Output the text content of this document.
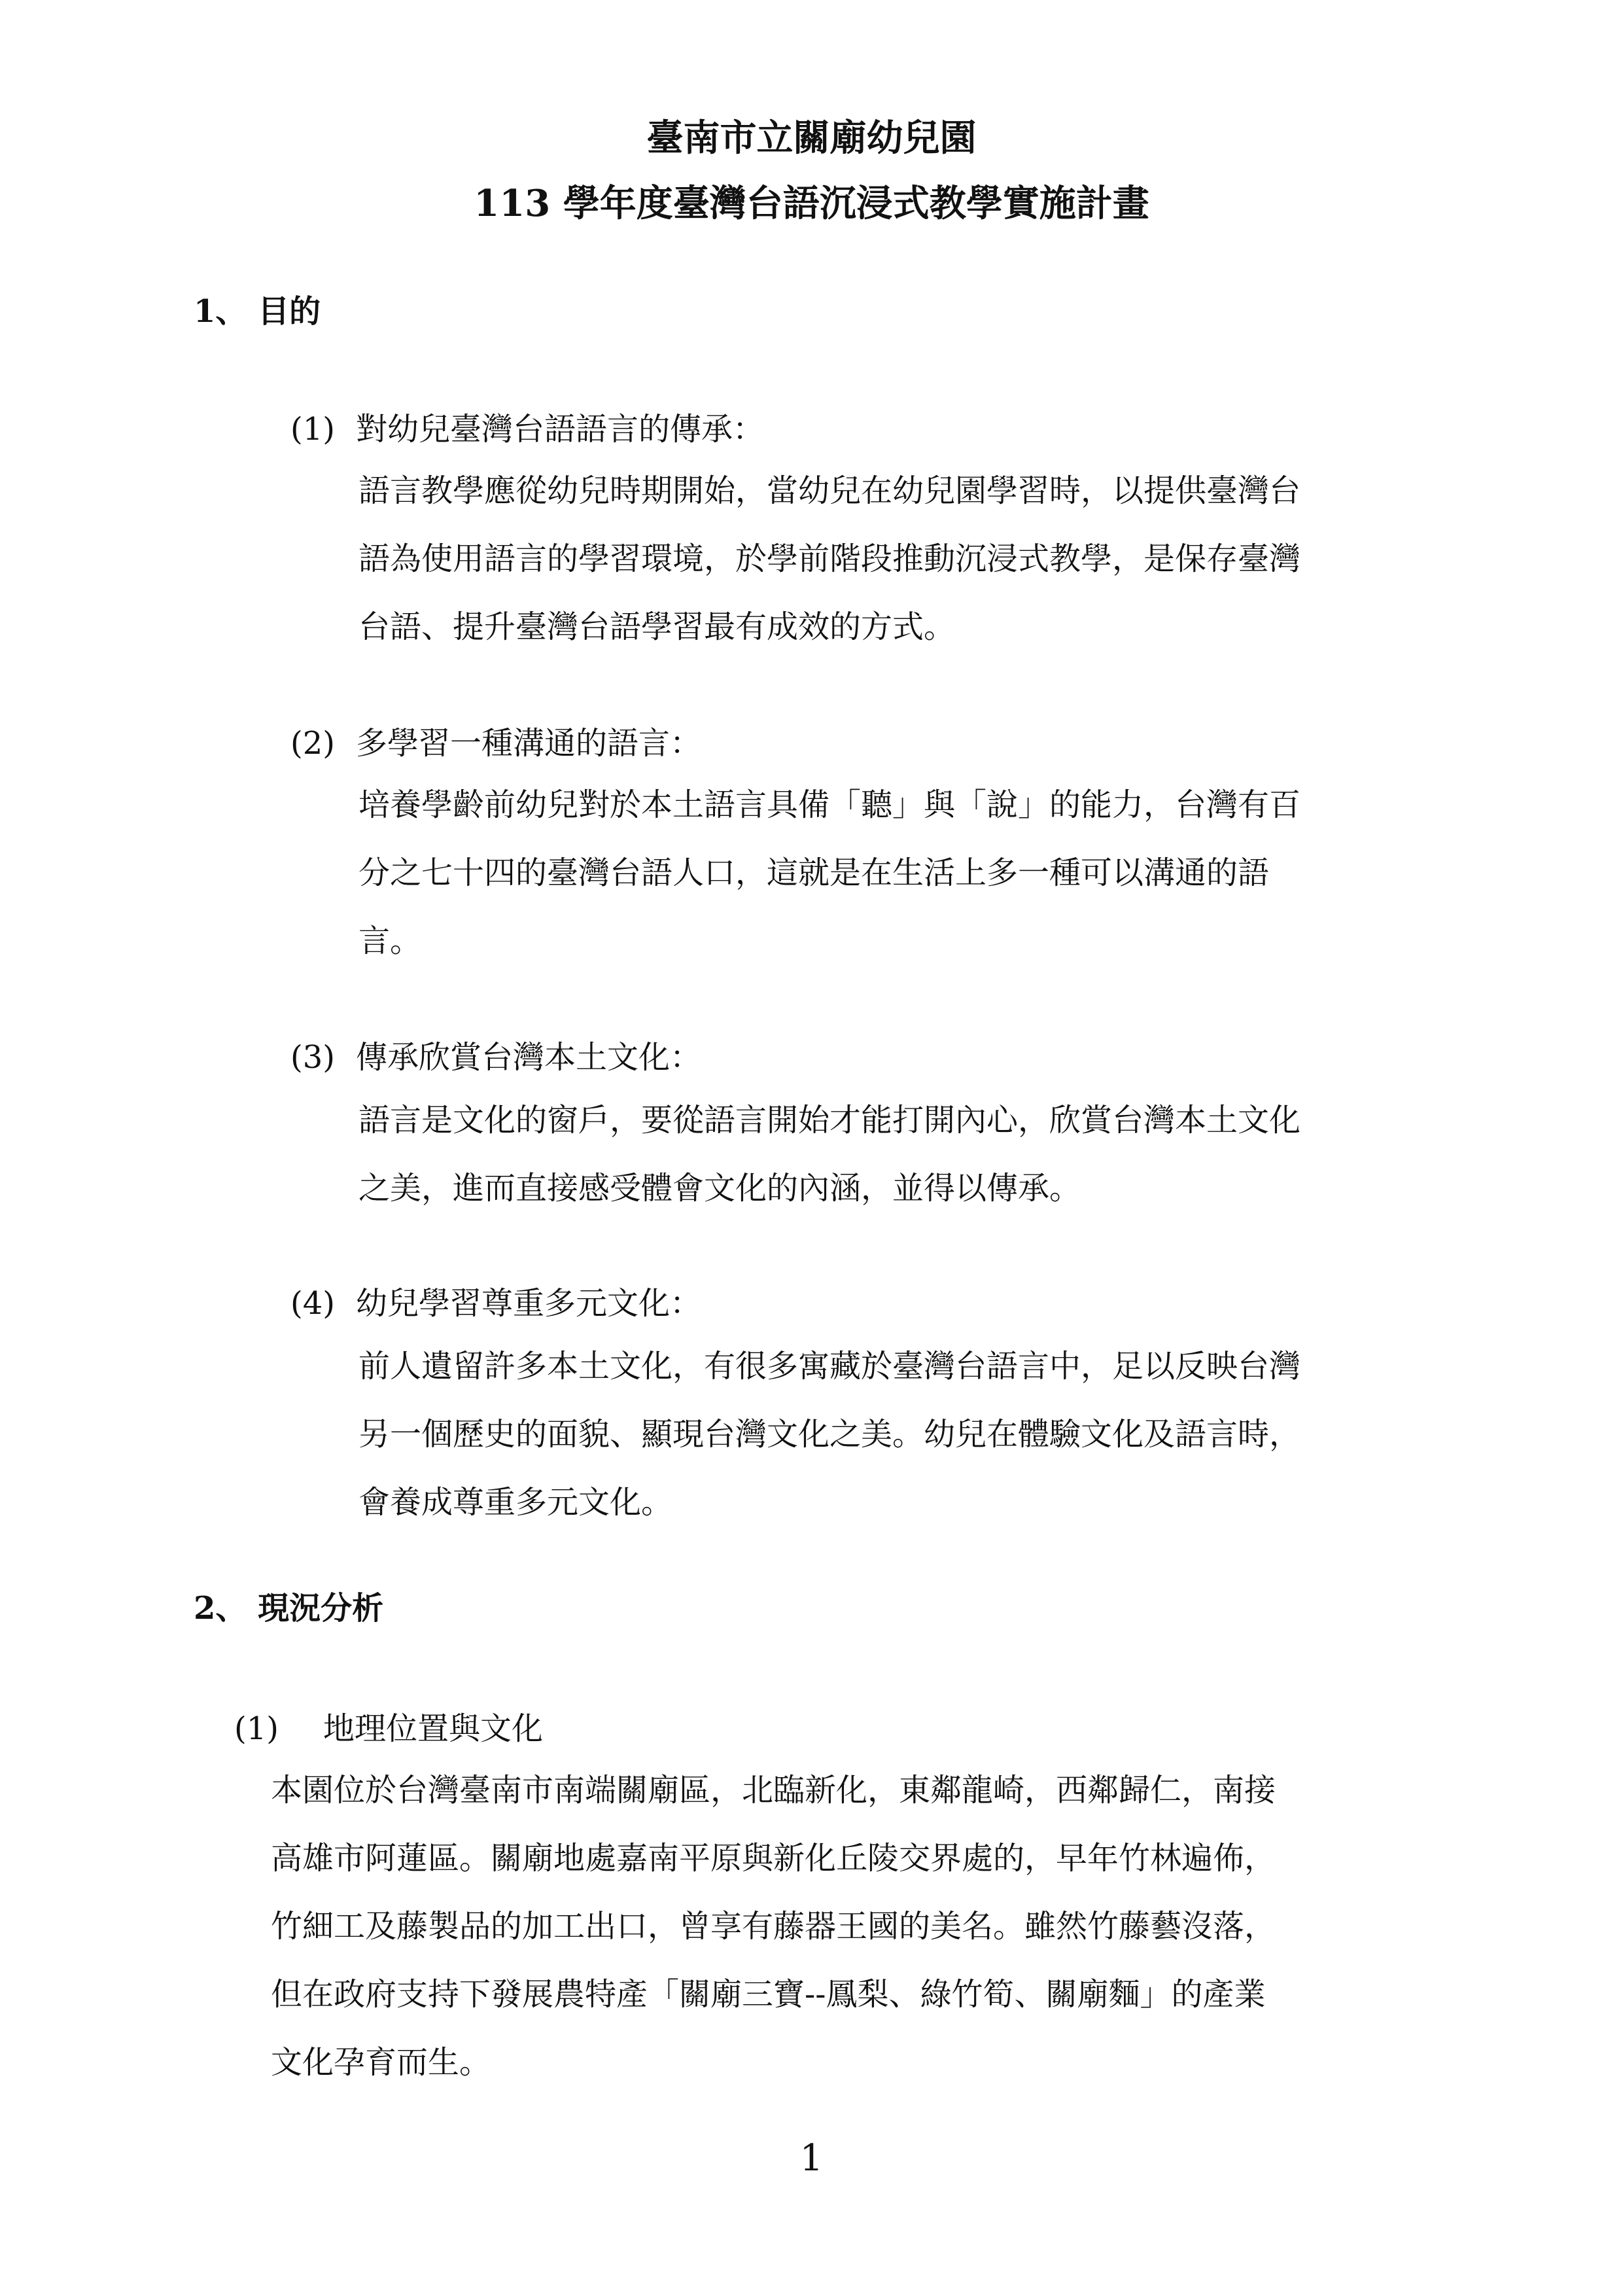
臺南市立關廟幼兒園
113 學年度臺灣台語沉浸式教學實施計畫
1、 目的
(1) 對幼兒臺灣台語語言的傳承：
語言教學應從幼兒時期開始，當幼兒在幼兒園學習時，以提供臺灣台
語為使用語言的學習環境，於學前階段推動沉浸式教學，是保存臺灣
台語、提升臺灣台語學習最有成效的方式。
(2) 多學習一種溝通的語言：
培養學齡前幼兒對於本土語言具備「聽」與「說」的能力，台灣有百
分之七十四的臺灣台語人口，這就是在生活上多一種可以溝通的語
言。
(3) 傳承欣賞台灣本土文化：
語言是文化的窗戶，要從語言開始才能打開內心，欣賞台灣本土文化
之美，進而直接感受體會文化的內涵，並得以傳承。
(4) 幼兒學習尊重多元文化：
前人遺留許多本土文化，有很多寓藏於臺灣台語言中，足以反映台灣
另一個歷史的面貌、顯現台灣文化之美。幼兒在體驗文化及語言時，
會養成尊重多元文化。
2、 現況分析
(1) 地理位置與文化
本園位於台灣臺南市南端關廟區，北臨新化，東鄰龍崎，西鄰歸仁，南接
高雄市阿蓮區。關廟地處嘉南平原與新化丘陵交界處的，早年竹林遍佈，
竹細工及藤製品的加工出口，曾享有藤器王國的美名。雖然竹藤藝沒落，
但在政府支持下發展農特產「關廟三寶--鳳梨、綠竹筍、關廟麵」的產業
文化孕育而生。
1
